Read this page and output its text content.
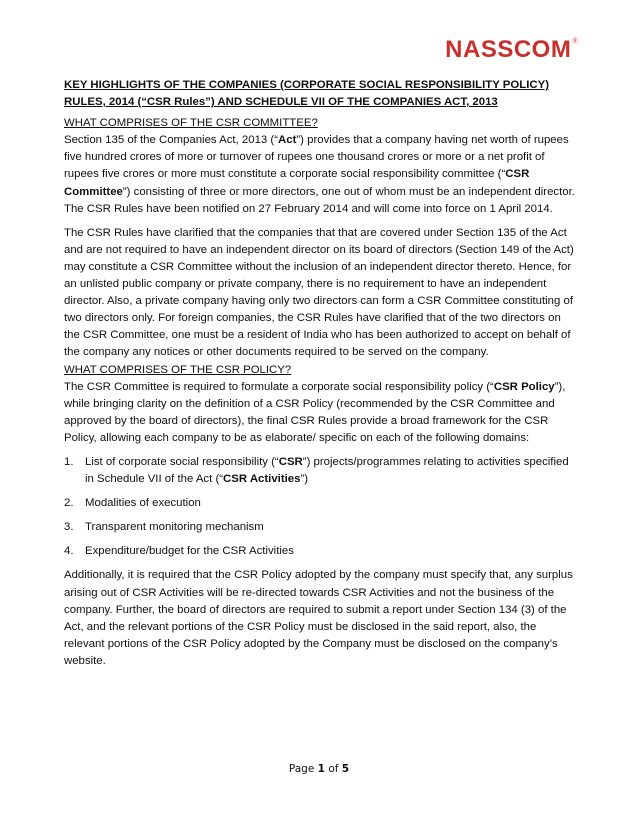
NASSCOM®
KEY HIGHLIGHTS OF THE COMPANIES (CORPORATE SOCIAL RESPONSIBILITY POLICY) RULES, 2014 (“CSR Rules”) AND SCHEDULE VII OF THE COMPANIES ACT, 2013
WHAT COMPRISES OF THE CSR COMMITTEE?

Section 135 of the Companies Act, 2013 (“Act”) provides that a company having net worth of rupees five hundred crores of more or turnover of rupees one thousand crores or more or a net profit of rupees five crores or more must constitute a corporate social responsibility committee (“CSR Committee”) consisting of three or more directors, one out of whom must be an independent director. The CSR Rules have been notified on 27 February 2014 and will come into force on 1 April 2014.

The CSR Rules have clarified that the companies that that are covered under Section 135 of the Act and are not required to have an independent director on its board of directors (Section 149 of the Act) may constitute a CSR Committee without the inclusion of an independent director thereto. Hence, for an unlisted public company or private company, there is no requirement to have an independent director. Also, a private company having only two directors can form a CSR Committee constituting of two directors only. For foreign companies, the CSR Rules have clarified that of the two directors on the CSR Committee, one must be a resident of India who has been authorized to accept on behalf of the company any notices or other documents required to be served on the company.

WHAT COMPRISES OF THE CSR POLICY?

The CSR Committee is required to formulate a corporate social responsibility policy (“CSR Policy”), while bringing clarity on the definition of a CSR Policy (recommended by the CSR Committee and approved by the board of directors), the final CSR Rules provide a broad framework for the CSR Policy, allowing each company to be as elaborate/ specific on each of the following domains:

1. List of corporate social responsibility (“CSR”) projects/programmes relating to activities specified in Schedule VII of the Act (“CSR Activities”)
2. Modalities of execution
3. Transparent monitoring mechanism
4. Expenditure/budget for the CSR Activities

Additionally, it is required that the CSR Policy adopted by the company must specify that, any surplus arising out of CSR Activities will be re-directed towards CSR Activities and not the business of the company. Further, the board of directors are required to submit a report under Section 134 (3) of the Act, and the relevant portions of the CSR Policy must be disclosed in the said report, also, the relevant portions of the CSR Policy adopted by the Company must be disclosed on the company’s website.

Page 1 of 5
